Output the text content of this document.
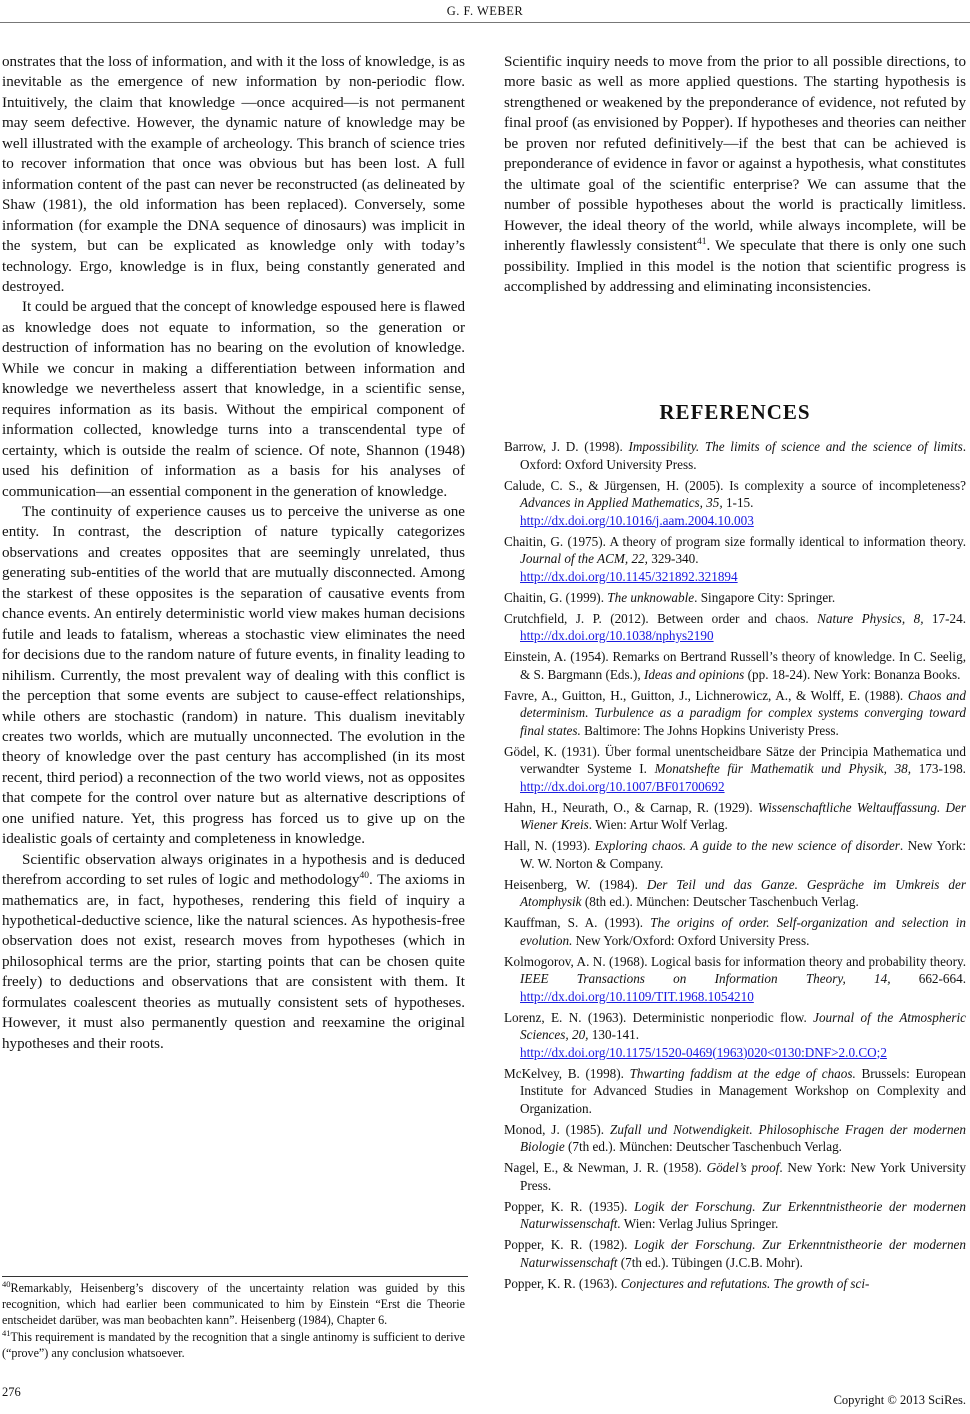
G. F. WEBER

onstrates that the loss of information, and with it the loss of knowledge, is as inevitable as the emergence of new information by non-periodic flow. Intuitively, the claim that knowledge —once acquired—is not permanent may seem defective. However, the dynamic nature of knowledge may be well illustrated with the example of archeology. This branch of science tries to recover information that once was obvious but has been lost. A full information content of the past can never be reconstructed (as delineated by Shaw (1981), the old information has been replaced). Conversely, some information (for example the DNA sequence of dinosaurs) was implicit in the system, but can be explicated as knowledge only with today’s technology. Ergo, knowledge is in flux, being constantly generated and destroyed.

It could be argued that the concept of knowledge espoused here is flawed as knowledge does not equate to information, so the generation or destruction of information has no bearing on the evolution of knowledge. While we concur in making a differentiation between information and knowledge we nevertheless assert that knowledge, in a scientific sense, requires information as its basis. Without the empirical component of information collected, knowledge turns into a transcendental type of certainty, which is outside the realm of science. Of note, Shannon (1948) used his definition of information as a basis for his analyses of communication—an essential component in the generation of knowledge.

The continuity of experience causes us to perceive the universe as one entity. In contrast, the description of nature typically categorizes observations and creates opposites that are seemingly unrelated, thus generating sub-entities of the world that are mutually disconnected. Among the starkest of these opposites is the separation of causative events from chance events. An entirely deterministic world view makes human decisions futile and leads to fatalism, whereas a stochastic view eliminates the need for decisions due to the random nature of future events, in finality leading to nihilism. Currently, the most prevalent way of dealing with this conflict is the perception that some events are subject to cause-effect relationships, while others are stochastic (random) in nature. This dualism inevitably creates two worlds, which are mutually unconnected. The evolution in the theory of knowledge over the past century has accomplished (in its most recent, third period) a reconnection of the two world views, not as opposites that compete for the control over nature but as alternative descriptions of one unified nature. Yet, this progress has forced us to give up on the idealistic goals of certainty and completeness in knowledge.

Scientific observation always originates in a hypothesis and is deduced therefrom according to set rules of logic and methodology$^{40}$. The axioms in mathematics are, in fact, hypotheses, rendering this field of inquiry a hypothetical-deductive science, like the natural sciences. As hypothesis-free observation does not exist, research moves from hypotheses (which in philosophical terms are the prior, starting points that can be chosen quite freely) to deductions and observations that are consistent with them. It formulates coalescent theories as mutually consistent sets of hypotheses. However, it must also permanently question and reexamine the original hypotheses and their roots.

Scientific inquiry needs to move from the prior to all possible directions, to more basic as well as more applied questions. The starting hypothesis is strengthened or weakened by the preponderance of evidence, not refuted by final proof (as envisioned by Popper). If hypotheses and theories can neither be proven nor refuted definitively—if the best that can be achieved is preponderance of evidence in favor or against a hypothesis, what constitutes the ultimate goal of the scientific enterprise? We can assume that the number of possible hypotheses about the world is practically limitless. However, the ideal theory of the world, while always incomplete, will be inherently flawlessly consistent$^{41}$. We speculate that there is only one such possibility. Implied in this model is the notion that scientific progress is accomplished by addressing and eliminating inconsistencies.

REFERENCES

Barrow, J. D. (1998). Impossibility. The limits of science and the science of limits. Oxford: Oxford University Press.

Calude, C. S., & Jürgensen, H. (2005). Is complexity a source of incompleteness? Advances in Applied Mathematics, 35, 1-15.
http://dx.doi.org/10.1016/j.aam.2004.10.003

Chaitin, G. (1975). A theory of program size formally identical to information theory. Journal of the ACM, 22, 329-340.
http://dx.doi.org/10.1145/321892.321894

Chaitin, G. (1999). The unknowable. Singapore City: Springer.

Crutchfield, J. P. (2012). Between order and chaos. Nature Physics, 8, 17-24. http://dx.doi.org/10.1038/nphys2190

Einstein, A. (1954). Remarks on Bertrand Russell’s theory of knowledge. In C. Seelig, & S. Bargmann (Eds.), Ideas and opinions (pp. 18-24). New York: Bonanza Books.

Favre, A., Guitton, H., Guitton, J., Lichnerowicz, A., & Wolff, E. (1988). Chaos and determinism. Turbulence as a paradigm for complex systems converging toward final states. Baltimore: The Johns Hopkins Univeristy Press.

Gödel, K. (1931). Über formal unentscheidbare Sätze der Principia Mathematica und verwandter Systeme I. Monatshefte für Mathematik und Physik, 38, 173-198. http://dx.doi.org/10.1007/BF01700692

Hahn, H., Neurath, O., & Carnap, R. (1929). Wissenschaftliche Weltauffassung. Der Wiener Kreis. Wien: Artur Wolf Verlag.

Hall, N. (1993). Exploring chaos. A guide to the new science of disorder. New York: W. W. Norton & Company.

Heisenberg, W. (1984). Der Teil und das Ganze. Gespräche im Umkreis der Atomphysik (8th ed.). München: Deutscher Taschenbuch Verlag.

Kauffman, S. A. (1993). The origins of order. Self-organization and selection in evolution. New York/Oxford: Oxford University Press.

Kolmogorov, A. N. (1968). Logical basis for information theory and probability theory. IEEE Transactions on Information Theory, 14, 662-664. http://dx.doi.org/10.1109/TIT.1968.1054210

Lorenz, E. N. (1963). Deterministic nonperiodic flow. Journal of the Atmospheric Sciences, 20, 130-141.
http://dx.doi.org/10.1175/1520-0469(1963)020<0130:DNF>2.0.CO;2

McKelvey, B. (1998). Thwarting faddism at the edge of chaos. Brussels: European Institute for Advanced Studies in Management Workshop on Complexity and Organization.

Monod, J. (1985). Zufall und Notwendigkeit. Philosophische Fragen der modernen Biologie (7th ed.). München: Deutscher Taschenbuch Verlag.

Nagel, E., & Newman, J. R. (1958). Gödel’s proof. New York: New York University Press.

Popper, K. R. (1935). Logik der Forschung. Zur Erkenntnistheorie der modernen Naturwissenschaft. Wien: Verlag Julius Springer.

Popper, K. R. (1982). Logik der Forschung. Zur Erkenntnistheorie der modernen Naturwissenschaft (7th ed.). Tübingen (J.C.B. Mohr).

Popper, K. R. (1963). Conjectures and refutations. The growth of sci-

$^{40}$Remarkably, Heisenberg’s discovery of the uncertainty relation was guided by this recognition, which had earlier been communicated to him by Einstein “Erst die Theorie entscheidet darüber, was man beobachten kann”. Heisenberg (1984), Chapter 6.

$^{41}$This requirement is mandated by the recognition that a single antinomy is sufficient to derive (“prove”) any conclusion whatsoever.

276
Copyright © 2013 SciRes.
